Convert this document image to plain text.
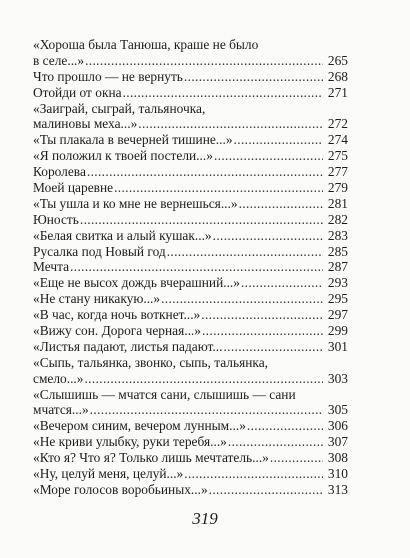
«Хороша была Танюша, краше не было
в селе...» . . .	265
Что прошло — не вернуть . . .	268
Отойди от окна . . .	271
«Заиграй, сыграй, тальяночка,
малиновы меха...» . . .	272
«Ты плакала в вечерней тишине...» . . .	274
«Я положил к твоей постели...» . . .	275
Королева . . .	277
Моей царевне . . .	279
«Ты ушла и ко мне не вернешься...» . . .	281
Юность . . .	282
«Белая свитка и алый кушак...» . . .	283
Русалка под Новый год . . .	285
Мечта . . .	287
«Еще не высох дождь вчерашний...» . . .	293
«Не стану никакую...» . . .	295
«В час, когда ночь воткнет...» . . .	297
«Вижу сон. Дорога черная...» . . .	299
«Листья падают, листья падают... . . .	301
«Сыпь, тальянка, звонко, сыпь, тальянка,
смело...» . . .	303
«Слышишь — мчатся сани, слышишь — сани
мчатся...» . . .	305
«Вечером синим, вечером лунным...» . . .	306
«Не криви улыбку, руки теребя...» . . .	307
«Кто я? Что я? Только лишь мечтатель...» . . .	308
«Ну, целуй меня, целуй...» . . .	310
«Море голосов воробьиных...» . . .	313
319
